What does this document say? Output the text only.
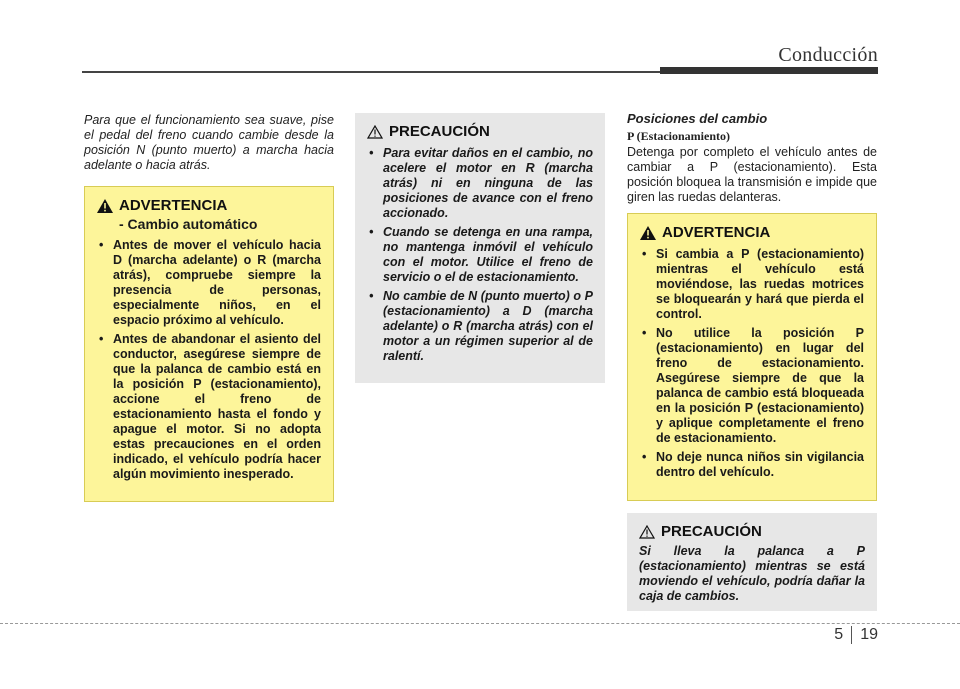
Conducción

Para que el funcionamiento sea suave, pise el pedal del freno cuando cambie desde la posición N (punto muerto) a marcha hacia adelante o hacia atrás.

ADVERTENCIA
- Cambio automático
• Antes de mover el vehículo hacia D (marcha adelante) o R (marcha atrás), compruebe siempre la presencia de personas, especialmente niños, en el espacio próximo al vehículo.
• Antes de abandonar el asiento del conductor, asegúrese siempre de que la palanca de cambio está en la posición P (estacionamiento), accione el freno de estacionamiento hasta el fondo y apague el motor. Si no adopta estas precauciones en el orden indicado, el vehículo podría hacer algún movimiento inesperado.
PRECAUCIÓN
• Para evitar daños en el cambio, no acelere el motor en R (marcha atrás) ni en ninguna de las posiciones de avance con el freno accionado.
• Cuando se detenga en una rampa, no mantenga inmóvil el vehículo con el motor. Utilice el freno de servicio o el de estacionamiento.
• No cambie de N (punto muerto) o P (estacionamiento) a D (marcha adelante) o R (marcha atrás) con el motor a un régimen superior al de ralentí.
Posiciones del cambio
P (Estacionamiento)

Detenga por completo el vehículo antes de cambiar a P (estacionamiento). Esta posición bloquea la transmisión e impide que giren las ruedas delanteras.

ADVERTENCIA
• Si cambia a P (estacionamiento) mientras el vehículo está moviéndose, las ruedas motrices se bloquearán y hará que pierda el control.
• No utilice la posición P (estacionamiento) en lugar del freno de estacionamiento. Asegúrese siempre de que la palanca de cambio está bloqueada en la posición P (estacionamiento) y aplique completamente el freno de estacionamiento.
• No deje nunca niños sin vigilancia dentro del vehículo.
PRECAUCIÓN

Si lleva la palanca a P (estacionamiento) mientras se está moviendo el vehículo, podría dañar la caja de cambios.

5	19
